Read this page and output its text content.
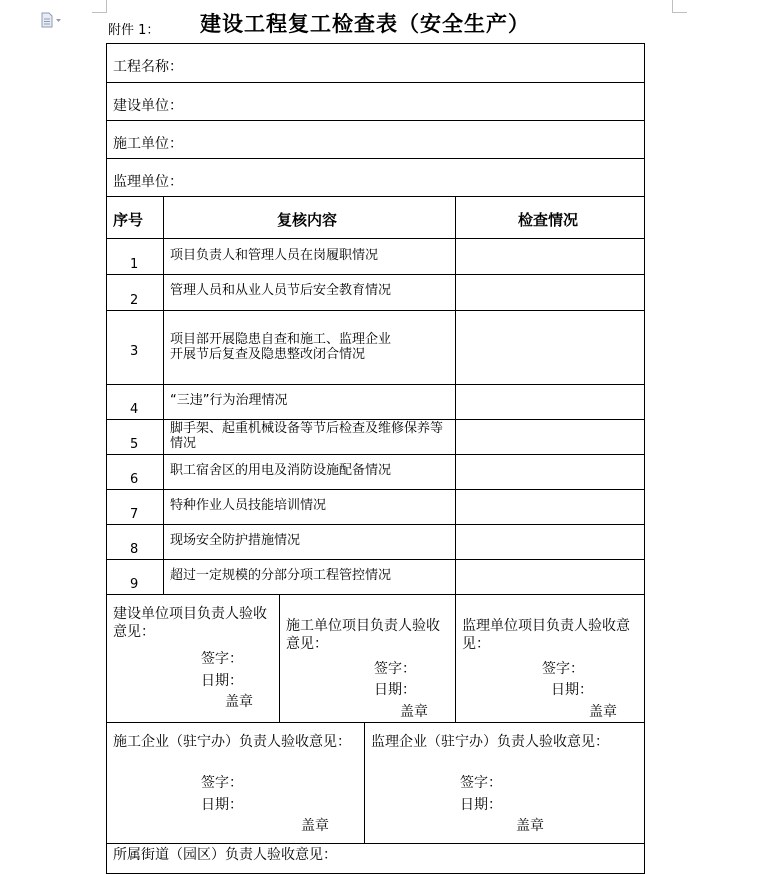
附件 1： 建设工程复工检查表（安全生产）
工程名称：
建设单位：
施工单位：
监理单位：
序号	复核内容	检查情况
1
项目负责人和管理人员在岗履职情况
2
管理人员和从业人员节后安全教育情况
3
项目部开展隐患自查和施工、监理企业开展节后复查及隐患整改闭合情况
4
“三违”行为治理情况
5
脚手架、起重机械设备等节后检查及维修保养等情况
6
职工宿舍区的用电及消防设施配备情况
7
特种作业人员技能培训情况
8
现场安全防护措施情况
9
超过一定规模的分部分项工程管控情况
建设单位项目负责人验收意见：
签字：
日期：
盖章
施工单位项目负责人验收意见：
签字：
日期：
盖章
监理单位项目负责人验收意见：
签字：
日期：
盖章
施工企业（驻宁办）负责人验收意见：
签字：
日期：
盖章
监理企业（驻宁办）负责人验收意见：
签字：
日期：
盖章
所属街道（园区）负责人验收意见：
